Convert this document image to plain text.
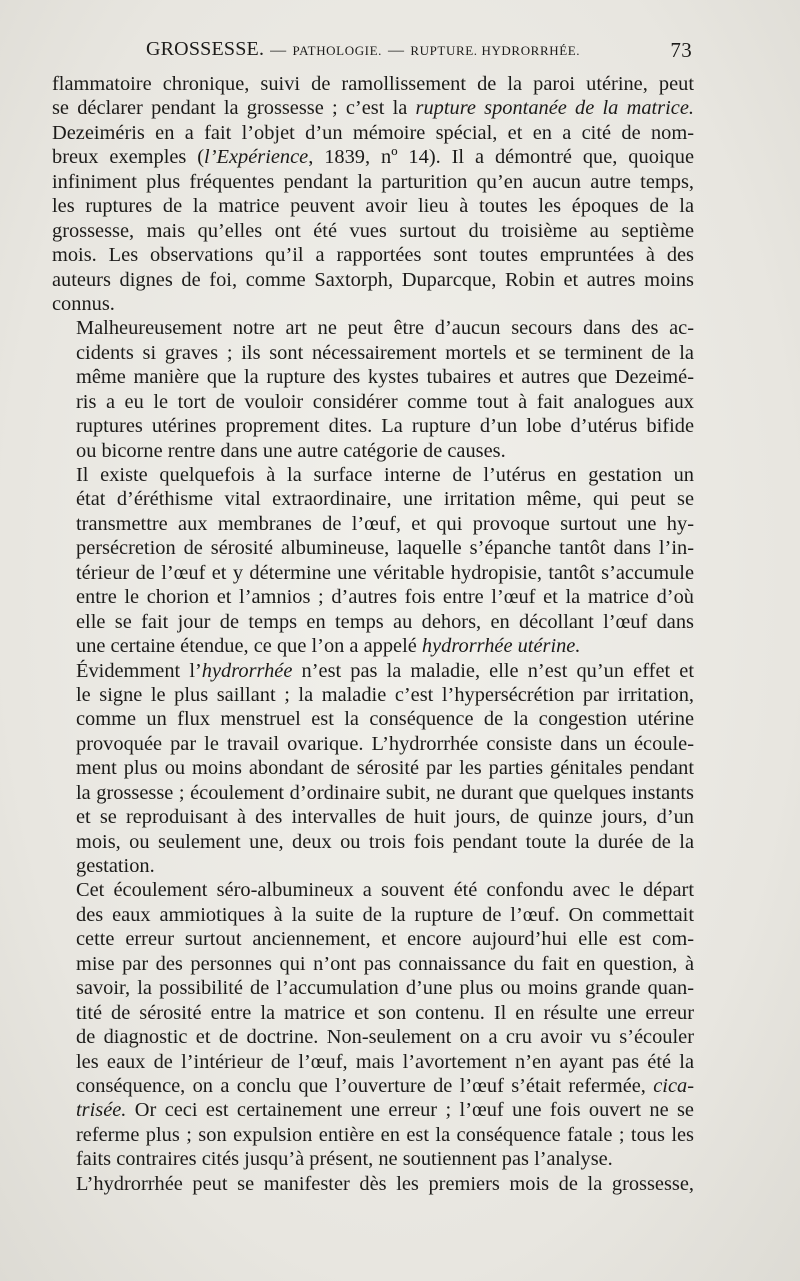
GROSSESSE. — PATHOLOGIE. — RUPTURE. HYDRORRHÉE.	73

flammatoire chronique, suivi de ramollissement de la paroi utérine, peut
se déclarer pendant la grossesse ; c’est la rupture spontanée de la matrice.
Dezeiméris en a fait l’objet d’un mémoire spécial, et en a cité de nom-
breux exemples (l’Expérience, 1839, nº 14). Il a démontré que, quoique
infiniment plus fréquentes pendant la parturition qu’en aucun autre temps,
les ruptures de la matrice peuvent avoir lieu à toutes les époques de la
grossesse, mais qu’elles ont été vues surtout du troisième au septième
mois. Les observations qu’il a rapportées sont toutes empruntées à des
auteurs dignes de foi, comme Saxtorph, Duparcque, Robin et autres moins
connus.

Malheureusement notre art ne peut être d’aucun secours dans des ac-
cidents si graves ; ils sont nécessairement mortels et se terminent de la
même manière que la rupture des kystes tubaires et autres que Dezeimé-
ris a eu le tort de vouloir considérer comme tout à fait analogues aux
ruptures utérines proprement dites. La rupture d’un lobe d’utérus bifide
ou bicorne rentre dans une autre catégorie de causes.

Il existe quelquefois à la surface interne de l’utérus en gestation un
état d’éréthisme vital extraordinaire, une irritation même, qui peut se
transmettre aux membranes de l’œuf, et qui provoque surtout une hy-
persécretion de sérosité albumineuse, laquelle s’épanche tantôt dans l’in-
térieur de l’œuf et y détermine une véritable hydropisie, tantôt s’accumule
entre le chorion et l’amnios ; d’autres fois entre l’œuf et la matrice d’où
elle se fait jour de temps en temps au dehors, en décollant l’œuf dans
une certaine étendue, ce que l’on a appelé hydrorrhée utérine.

Évidemment l’hydrorrhée n’est pas la maladie, elle n’est qu’un effet et
le signe le plus saillant ; la maladie c’est l’hypersécrétion par irritation,
comme un flux menstruel est la conséquence de la congestion utérine
provoquée par le travail ovarique. L’hydrorrhée consiste dans un écoule-
ment plus ou moins abondant de sérosité par les parties génitales pendant
la grossesse ; écoulement d’ordinaire subit, ne durant que quelques instants
et se reproduisant à des intervalles de huit jours, de quinze jours, d’un
mois, ou seulement une, deux ou trois fois pendant toute la durée de la
gestation.

Cet écoulement séro-albumineux a souvent été confondu avec le départ
des eaux ammiotiques à la suite de la rupture de l’œuf. On commettait
cette erreur surtout anciennement, et encore aujourd’hui elle est com-
mise par des personnes qui n’ont pas connaissance du fait en question, à
savoir, la possibilité de l’accumulation d’une plus ou moins grande quan-
tité de sérosité entre la matrice et son contenu. Il en résulte une erreur
de diagnostic et de doctrine. Non-seulement on a cru avoir vu s’écouler
les eaux de l’intérieur de l’œuf, mais l’avortement n’en ayant pas été la
conséquence, on a conclu que l’ouverture de l’œuf s’était refermée, cica-
trisée. Or ceci est certainement une erreur ; l’œuf une fois ouvert ne se
referme plus ; son expulsion entière en est la conséquence fatale ; tous les
faits contraires cités jusqu’à présent, ne soutiennent pas l’analyse.

L’hydrorrhée peut se manifester dès les premiers mois de la grossesse,
